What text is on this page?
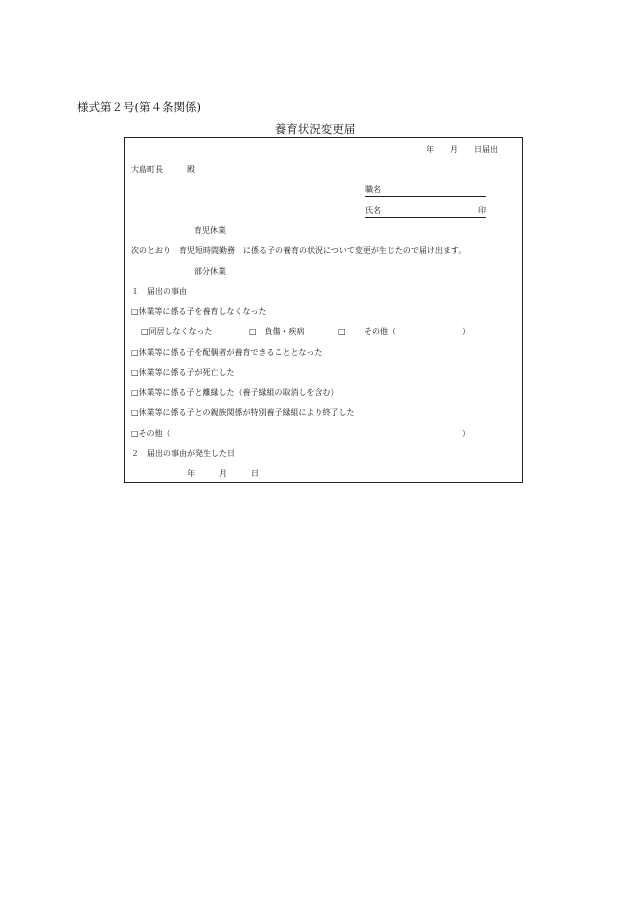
様式第２号(第４条関係)
養育状況変更届
年　　月　　日届出
大島町長　　　殿
職名
氏名	印
育児休業
次のとおり　育児短時間勤務　に係る子の養育の状況について変更が生じたので届け出ます。
部分休業
１　届出の事由
□休業等に係る子を養育しなくなった
□同居しなくなった	□　負傷・疾病	□ その他（	）
□休業等に係る子を配偶者が養育できることとなった
□休業等に係る子が死亡した
□休業等に係る子と離縁した（養子縁組の取消しを含む）
□休業等に係る子との親族関係が特別養子縁組により終了した
□その他（	）
２　届出の事由が発生した日
年　　　月　　　日
